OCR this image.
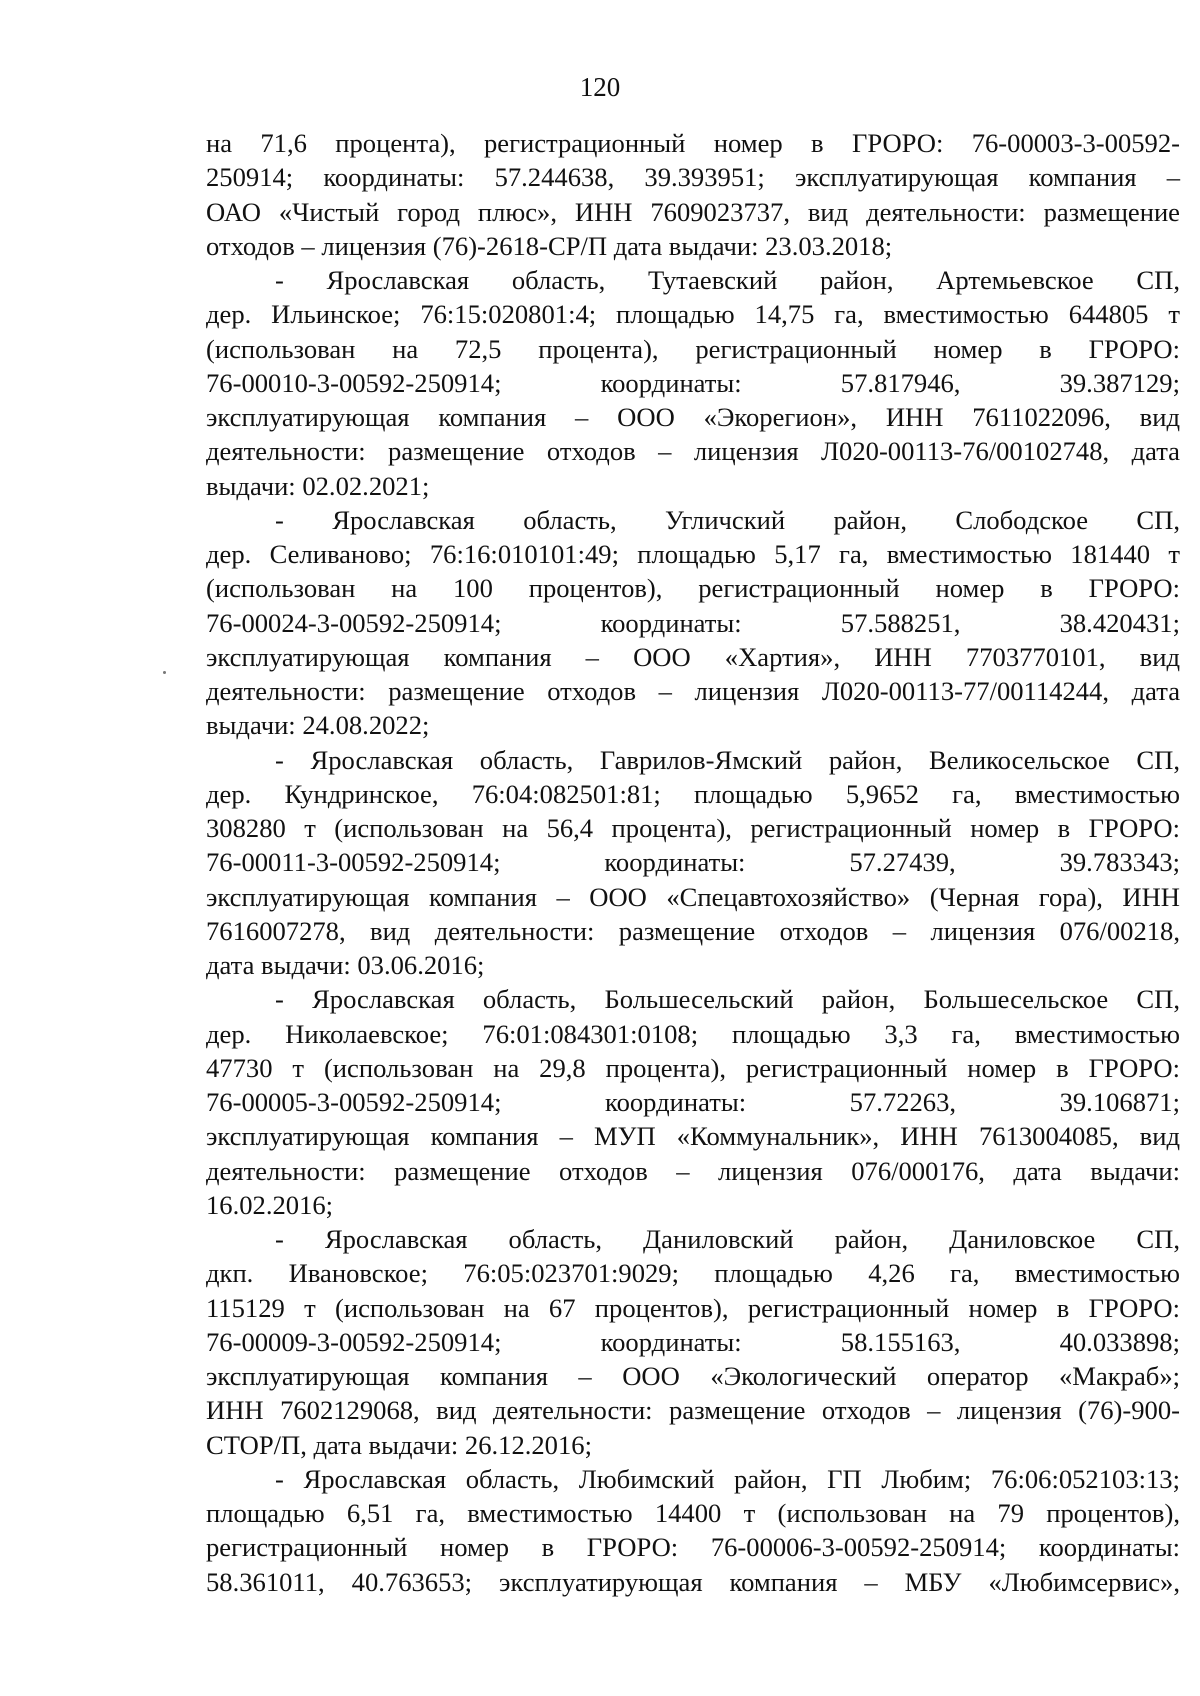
120
на 71,6 процента), регистрационный номер в ГРОРО: 76-00003-3-00592-
250914; координаты: 57.244638, 39.393951; эксплуатирующая компания –
ОАО «Чистый город плюс», ИНН 7609023737, вид деятельности: размещение
отходов – лицензия (76)-2618-СР/П дата выдачи: 23.03.2018;
- Ярославская область, Тутаевский район, Артемьевское СП,
дер. Ильинское; 76:15:020801:4; площадью 14,75 га, вместимостью 644805 т
(использован на 72,5 процента), регистрационный номер в ГРОРО:
76-00010-3-00592-250914; координаты: 57.817946, 39.387129;
эксплуатирующая компания – ООО «Экорегион», ИНН 7611022096, вид
деятельности: размещение отходов – лицензия Л020-00113-76/00102748, дата
выдачи: 02.02.2021;
- Ярославская область, Угличский район, Слободское СП,
дер. Селиваново; 76:16:010101:49; площадью 5,17 га, вместимостью 181440 т
(использован на 100 процентов), регистрационный номер в ГРОРО:
76-00024-3-00592-250914; координаты: 57.588251, 38.420431;
эксплуатирующая компания – ООО «Хартия», ИНН 7703770101, вид
деятельности: размещение отходов – лицензия Л020-00113-77/00114244, дата
выдачи: 24.08.2022;
- Ярославская область, Гаврилов-Ямский район, Великосельское СП,
дер. Кундринское, 76:04:082501:81; площадью 5,9652 га, вместимостью
308280 т (использован на 56,4 процента), регистрационный номер в ГРОРО:
76-00011-3-00592-250914; координаты: 57.27439, 39.783343;
эксплуатирующая компания – ООО «Спецавтохозяйство» (Черная гора), ИНН
7616007278, вид деятельности: размещение отходов – лицензия 076/00218,
дата выдачи: 03.06.2016;
- Ярославская область, Большесельский район, Большесельское СП,
дер. Николаевское; 76:01:084301:0108; площадью 3,3 га, вместимостью
47730 т (использован на 29,8 процента), регистрационный номер в ГРОРО:
76-00005-3-00592-250914; координаты: 57.72263, 39.106871;
эксплуатирующая компания – МУП «Коммунальник», ИНН 7613004085, вид
деятельности: размещение отходов – лицензия 076/000176, дата выдачи:
16.02.2016;
- Ярославская область, Даниловский район, Даниловское СП,
дкп. Ивановское; 76:05:023701:9029; площадью 4,26 га, вместимостью
115129 т (использован на 67 процентов), регистрационный номер в ГРОРО:
76-00009-3-00592-250914; координаты: 58.155163, 40.033898;
эксплуатирующая компания – ООО «Экологический оператор «Макраб»;
ИНН 7602129068, вид деятельности: размещение отходов – лицензия (76)-900-
СТОР/П, дата выдачи: 26.12.2016;
- Ярославская область, Любимский район, ГП Любим; 76:06:052103:13;
площадью 6,51 га, вместимостью 14400 т (использован на 79 процентов),
регистрационный номер в ГРОРО: 76-00006-3-00592-250914; координаты:
58.361011, 40.763653; эксплуатирующая компания – МБУ «Любимсервис»,
